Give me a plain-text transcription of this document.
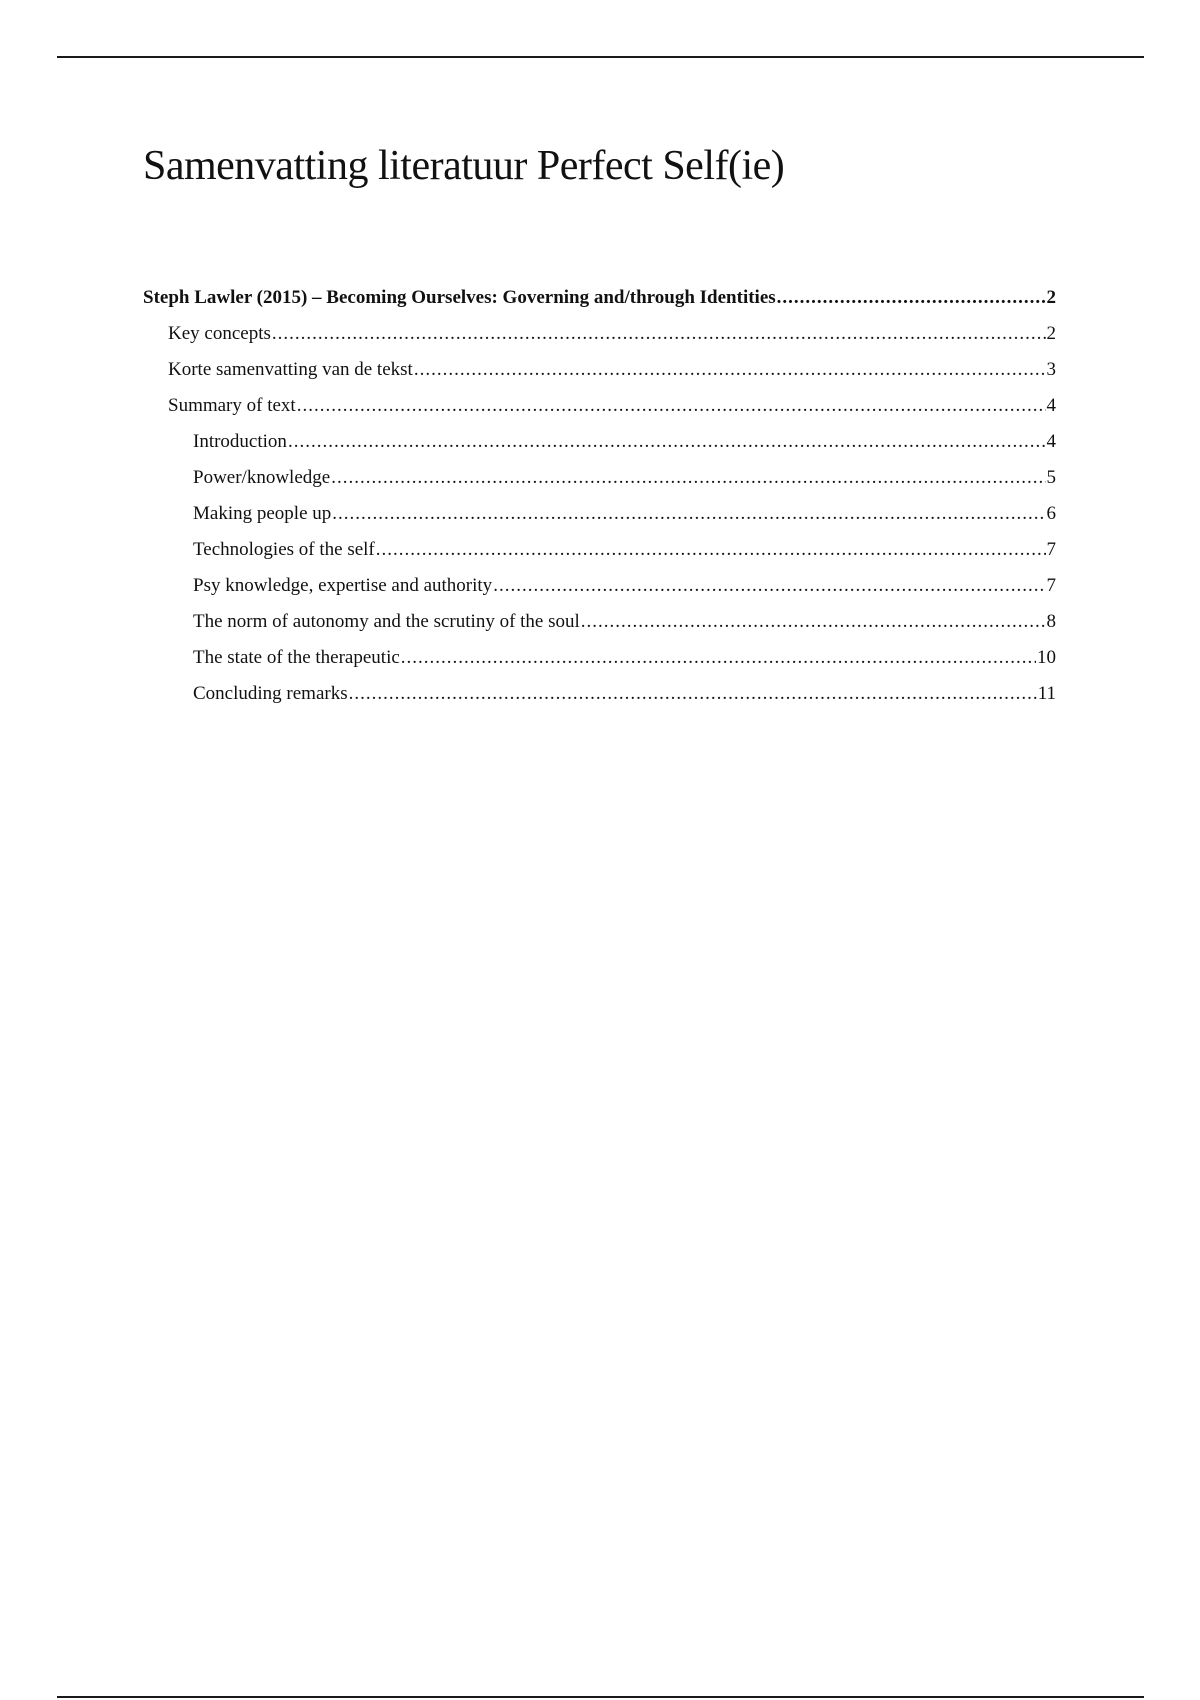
Samenvatting literatuur Perfect Self(ie)
Steph Lawler (2015) – Becoming Ourselves: Governing and/through Identities .....	2
Key concepts .....	2
Korte samenvatting van de tekst .....	3
Summary of text .....	4
Introduction .....	4
Power/knowledge .....	5
Making people up .....	6
Technologies of the self .....	7
Psy knowledge, expertise and authority .....	7
The norm of autonomy and the scrutiny of the soul .....	8
The state of the therapeutic .....	10
Concluding remarks .....	11
